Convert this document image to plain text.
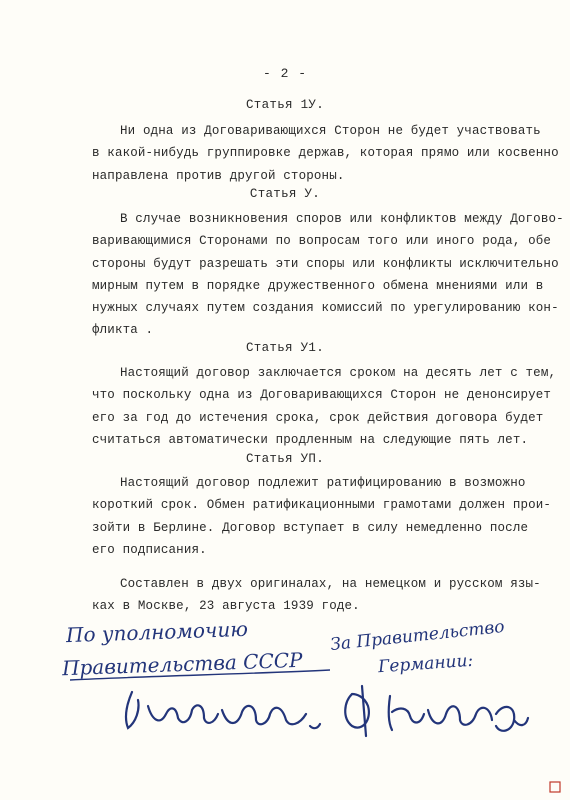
- 2 -
Статья 1У.
Ни одна из Договаривающихся Сторон не будет участвовать
в какой-нибудь группировке держав, которая прямо или косвенно
направлена против другой стороны.
Статья У.
В случае возникновения споров или конфликтов между Догово-
варивающимися Сторонами по вопросам того или иного рода, обе
стороны будут разрешать эти споры или конфликты исключительно
мирным путем в порядке дружественного обмена мнениями или в
нужных случаях путем создания комиссий по урегулированию кон-
фликта .
Статья У1.
Настоящий договор заключается сроком на десять лет с тем,
что поскольку одна из Договаривающихся Сторон не денонсирует
его за год до истечения срока, срок действия договора будет
считаться автоматически продленным на следующие пять лет.
Статья УП.
Настоящий договор подлежит ратифицированию в возможно
короткий срок. Обмен ратификационными грамотами должен прои-
зойти в Берлине. Договор вступает в силу немедленно после
его подписания.
Составлен в двух оригиналах, на немецком и русском язы-
ках в Москве, 23 августа 1939 годе.
По уполномочию
Правительства СССР
За Правительство
Германии:
